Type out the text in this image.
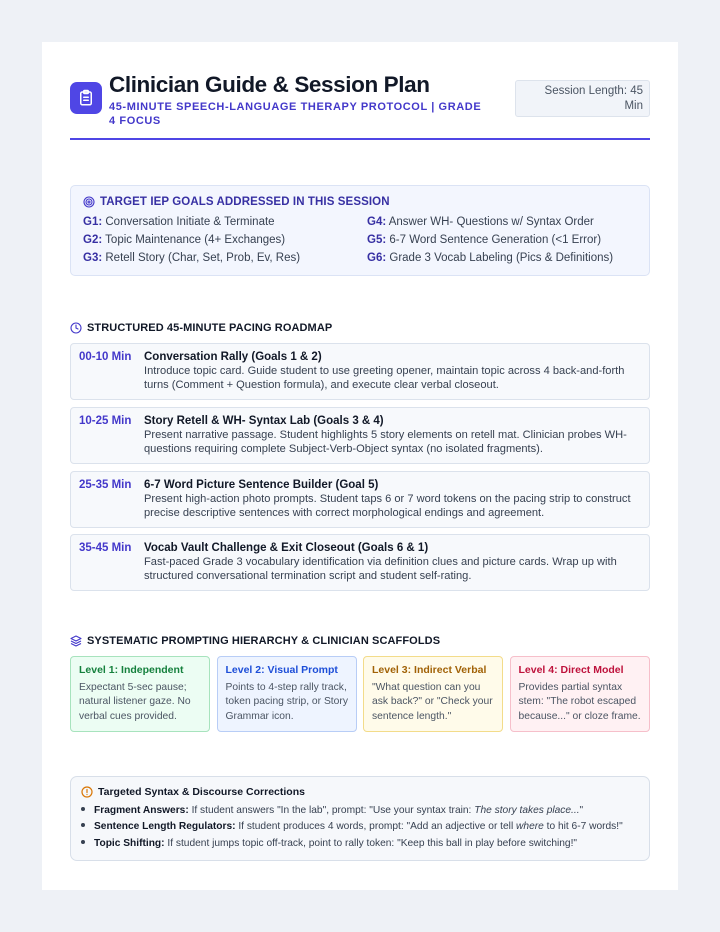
Clinician Guide & Session Plan
45-MINUTE SPEECH-LANGUAGE THERAPY PROTOCOL | GRADE 4 FOCUS
Session Length: 45 Min
TARGET IEP GOALS ADDRESSED IN THIS SESSION
G1: Conversation Initiate & Terminate
G2: Topic Maintenance (4+ Exchanges)
G3: Retell Story (Char, Set, Prob, Ev, Res)
G4: Answer WH- Questions w/ Syntax Order
G5: 6-7 Word Sentence Generation (<1 Error)
G6: Grade 3 Vocab Labeling (Pics & Definitions)
STRUCTURED 45-MINUTE PACING ROADMAP
00-10 Min Conversation Rally (Goals 1 & 2)
Introduce topic card. Guide student to use greeting opener, maintain topic across 4 back-and-forth turns (Comment + Question formula), and execute clear verbal closeout.
10-25 Min Story Retell & WH- Syntax Lab (Goals 3 & 4)
Present narrative passage. Student highlights 5 story elements on retell mat. Clinician probes WH-questions requiring complete Subject-Verb-Object syntax (no isolated fragments).
25-35 Min 6-7 Word Picture Sentence Builder (Goal 5)
Present high-action photo prompts. Student taps 6 or 7 word tokens on the pacing strip to construct precise descriptive sentences with correct morphological endings and agreement.
35-45 Min Vocab Vault Challenge & Exit Closeout (Goals 6 & 1)
Fast-paced Grade 3 vocabulary identification via definition clues and picture cards. Wrap up with structured conversational termination script and student self-rating.
SYSTEMATIC PROMPTING HIERARCHY & CLINICIAN SCAFFOLDS
Level 1: Independent
Expectant 5-sec pause; natural listener gaze. No verbal cues provided.
Level 2: Visual Prompt
Points to 4-step rally track, token pacing strip, or Story Grammar icon.
Level 3: Indirect Verbal
"What question can you ask back?" or "Check your sentence length."
Level 4: Direct Model
Provides partial syntax stem: "The robot escaped because..." or cloze frame.
Targeted Syntax & Discourse Corrections
Fragment Answers: If student answers "In the lab", prompt: "Use your syntax train: The story takes place..."
Sentence Length Regulators: If student produces 4 words, prompt: "Add an adjective or tell where to hit 6-7 words!"
Topic Shifting: If student jumps topic off-track, point to rally token: "Keep this ball in play before switching!"
